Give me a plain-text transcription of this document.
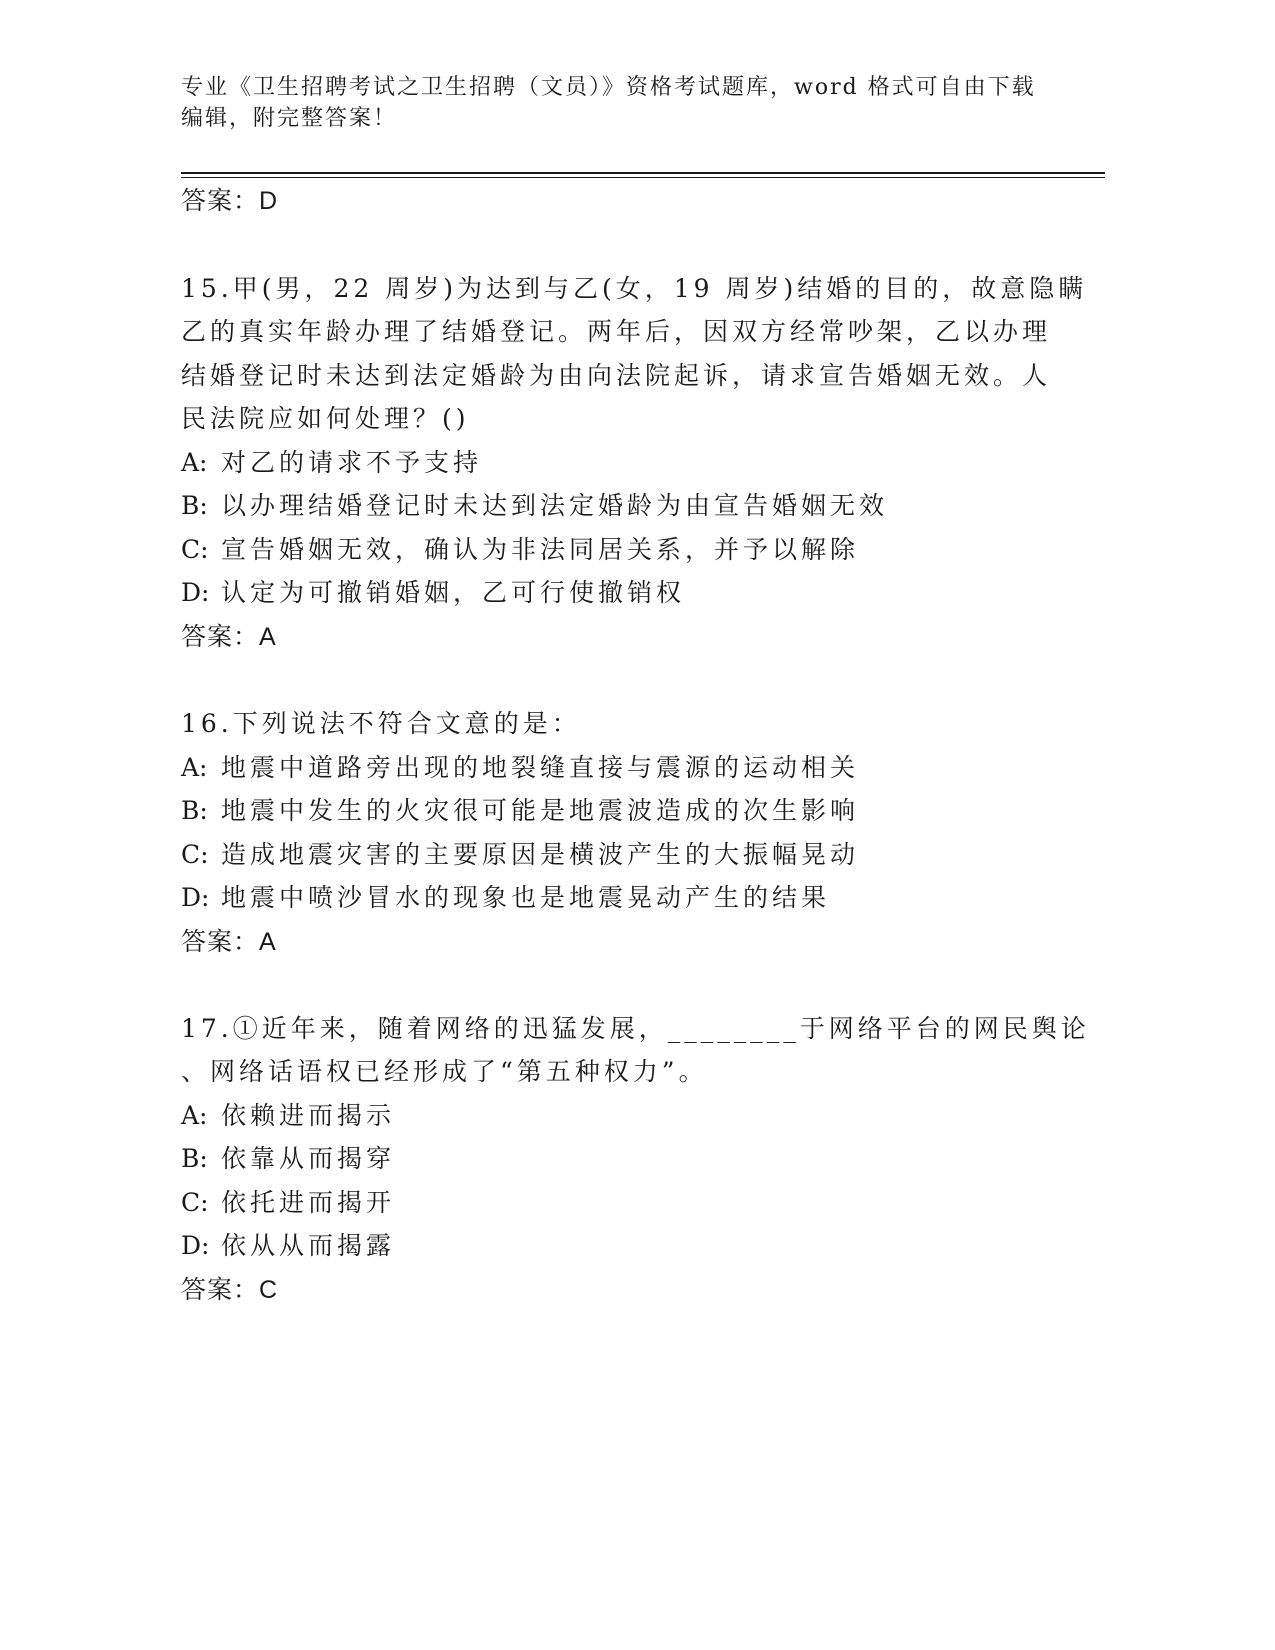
专业《卫生招聘考试之卫生招聘（文员）》资格考试题库，word 格式可自由下载
编辑，附完整答案！
答案：D
15.甲(男，22 周岁)为达到与乙(女，19 周岁)结婚的目的，故意隐瞒
乙的真实年龄办理了结婚登记。两年后，因双方经常吵架，乙以办理
结婚登记时未达到法定婚龄为由向法院起诉，请求宣告婚姻无效。人
民法院应如何处理？()
A: 对乙的请求不予支持
B: 以办理结婚登记时未达到法定婚龄为由宣告婚姻无效
C: 宣告婚姻无效，确认为非法同居关系，并予以解除
D: 认定为可撤销婚姻，乙可行使撤销权
答案：A
16.下列说法不符合文意的是：
A: 地震中道路旁出现的地裂缝直接与震源的运动相关
B: 地震中发生的火灾很可能是地震波造成的次生影响
C: 造成地震灾害的主要原因是横波产生的大振幅晃动
D: 地震中喷沙冒水的现象也是地震晃动产生的结果
答案：A
17.①近年来，随着网络的迅猛发展，________于网络平台的网民舆论
、网络话语权已经形成了“第五种权力”。
A: 依赖进而揭示
B: 依靠从而揭穿
C: 依托进而揭开
D: 依从从而揭露
答案：C
